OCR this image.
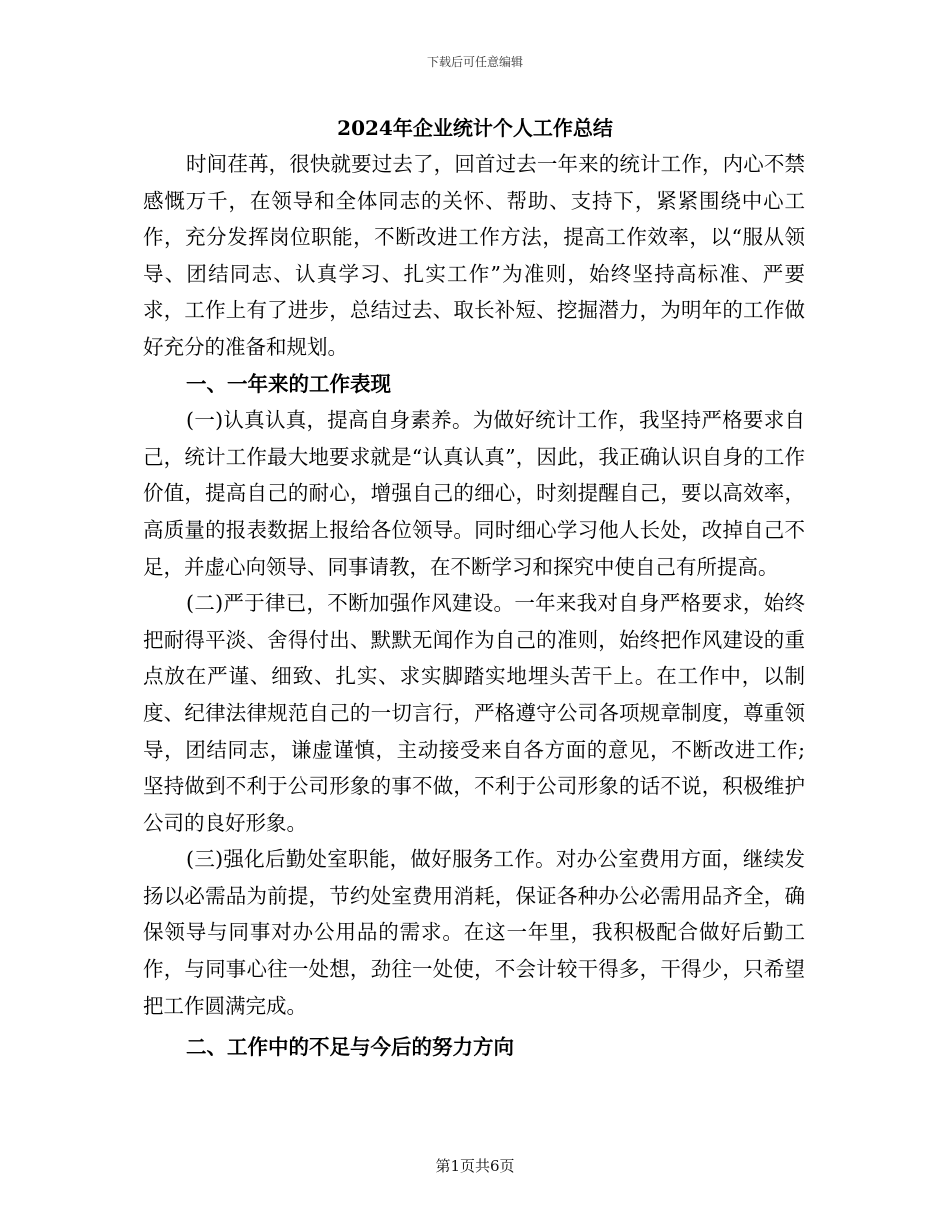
下载后可任意编辑
2024年企业统计个人工作总结

时间荏苒，很快就要过去了，回首过去一年来的统计工作，内心不禁感慨万千，在领导和全体同志的关怀、帮助、支持下，紧紧围绕中心工作，充分发挥岗位职能，不断改进工作方法，提高工作效率，以“服从领导、团结同志、认真学习、扎实工作”为准则，始终坚持高标准、严要求，工作上有了进步，总结过去、取长补短、挖掘潜力，为明年的工作做好充分的准备和规划。

一、一年来的工作表现

(一)认真认真，提高自身素养。为做好统计工作，我坚持严格要求自己，统计工作最大地要求就是“认真认真”，因此，我正确认识自身的工作价值，提高自己的耐心，增强自己的细心，时刻提醒自己，要以高效率，高质量的报表数据上报给各位领导。同时细心学习他人长处，改掉自己不足，并虚心向领导、同事请教，在不断学习和探究中使自己有所提高。

(二)严于律已，不断加强作风建设。一年来我对自身严格要求，始终把耐得平淡、舍得付出、默默无闻作为自己的准则，始终把作风建设的重点放在严谨、细致、扎实、求实脚踏实地埋头苦干上。在工作中，以制度、纪律法律规范自己的一切言行，严格遵守公司各项规章制度，尊重领导，团结同志，谦虚谨慎，主动接受来自各方面的意见，不断改进工作;坚持做到不利于公司形象的事不做，不利于公司形象的话不说，积极维护公司的良好形象。

(三)强化后勤处室职能，做好服务工作。对办公室费用方面，继续发扬以必需品为前提，节约处室费用消耗，保证各种办公必需用品齐全，确保领导与同事对办公用品的需求。在这一年里，我积极配合做好后勤工作，与同事心往一处想，劲往一处使，不会计较干得多，干得少，只希望把工作圆满完成。

二、工作中的不足与今后的努力方向

第1页共6页
